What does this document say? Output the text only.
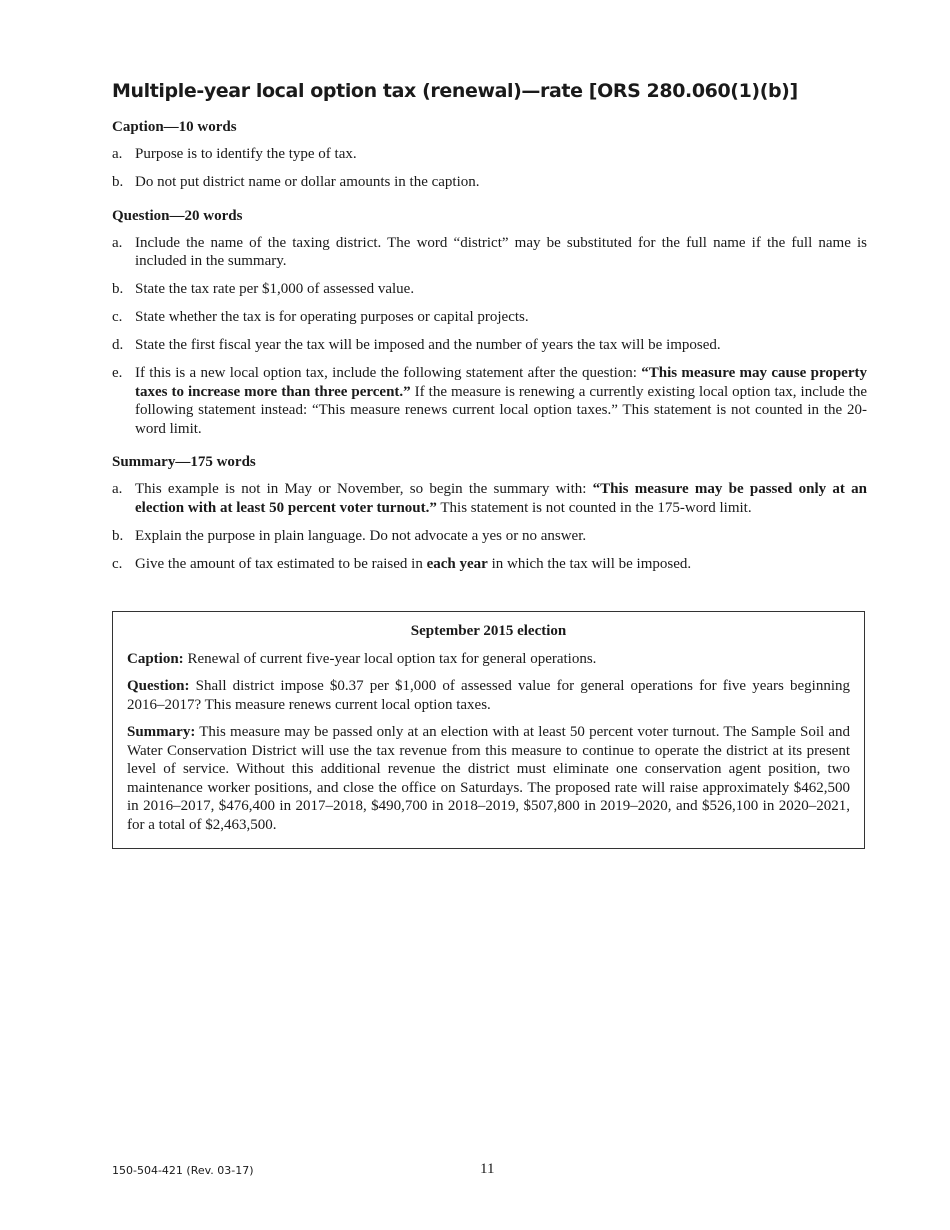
Multiple-year local option tax (renewal)—rate [ORS 280.060(1)(b)]
Caption—10 words
a. Purpose is to identify the type of tax.
b. Do not put district name or dollar amounts in the caption.
Question—20 words
a. Include the name of the taxing district. The word “district” may be substituted for the full name if the full name is included in the summary.
b. State the tax rate per $1,000 of assessed value.
c. State whether the tax is for operating purposes or capital projects.
d. State the first fiscal year the tax will be imposed and the number of years the tax will be imposed.
e. If this is a new local option tax, include the following statement after the question: “This measure may cause property taxes to increase more than three percent.” If the measure is renewing a currently existing local option tax, include the following statement instead: “This measure renews current local option taxes.” This statement is not counted in the 20-word limit.
Summary—175 words
a. This example is not in May or November, so begin the summary with: “This measure may be passed only at an election with at least 50 percent voter turnout.” This statement is not counted in the 175-word limit.
b. Explain the purpose in plain language. Do not advocate a yes or no answer.
c. Give the amount of tax estimated to be raised in each year in which the tax will be imposed.

September 2015 election

Caption: Renewal of current five-year local option tax for general operations.

Question: Shall district impose $0.37 per $1,000 of assessed value for general operations for five years beginning 2016–2017? This measure renews current local option taxes.

Summary: This measure may be passed only at an election with at least 50 percent voter turnout. The Sample Soil and Water Conservation District will use the tax revenue from this measure to continue to operate the district at its present level of service. Without this additional revenue the district must eliminate one conservation agent position, two maintenance worker positions, and close the office on Saturdays. The proposed rate will raise approximately $462,500 in 2016–2017, $476,400 in 2017–2018, $490,700 in 2018–2019, $507,800 in 2019–2020, and $526,100 in 2020–2021, for a total of $2,463,500.

150-504-421 (Rev. 03-17)	11
